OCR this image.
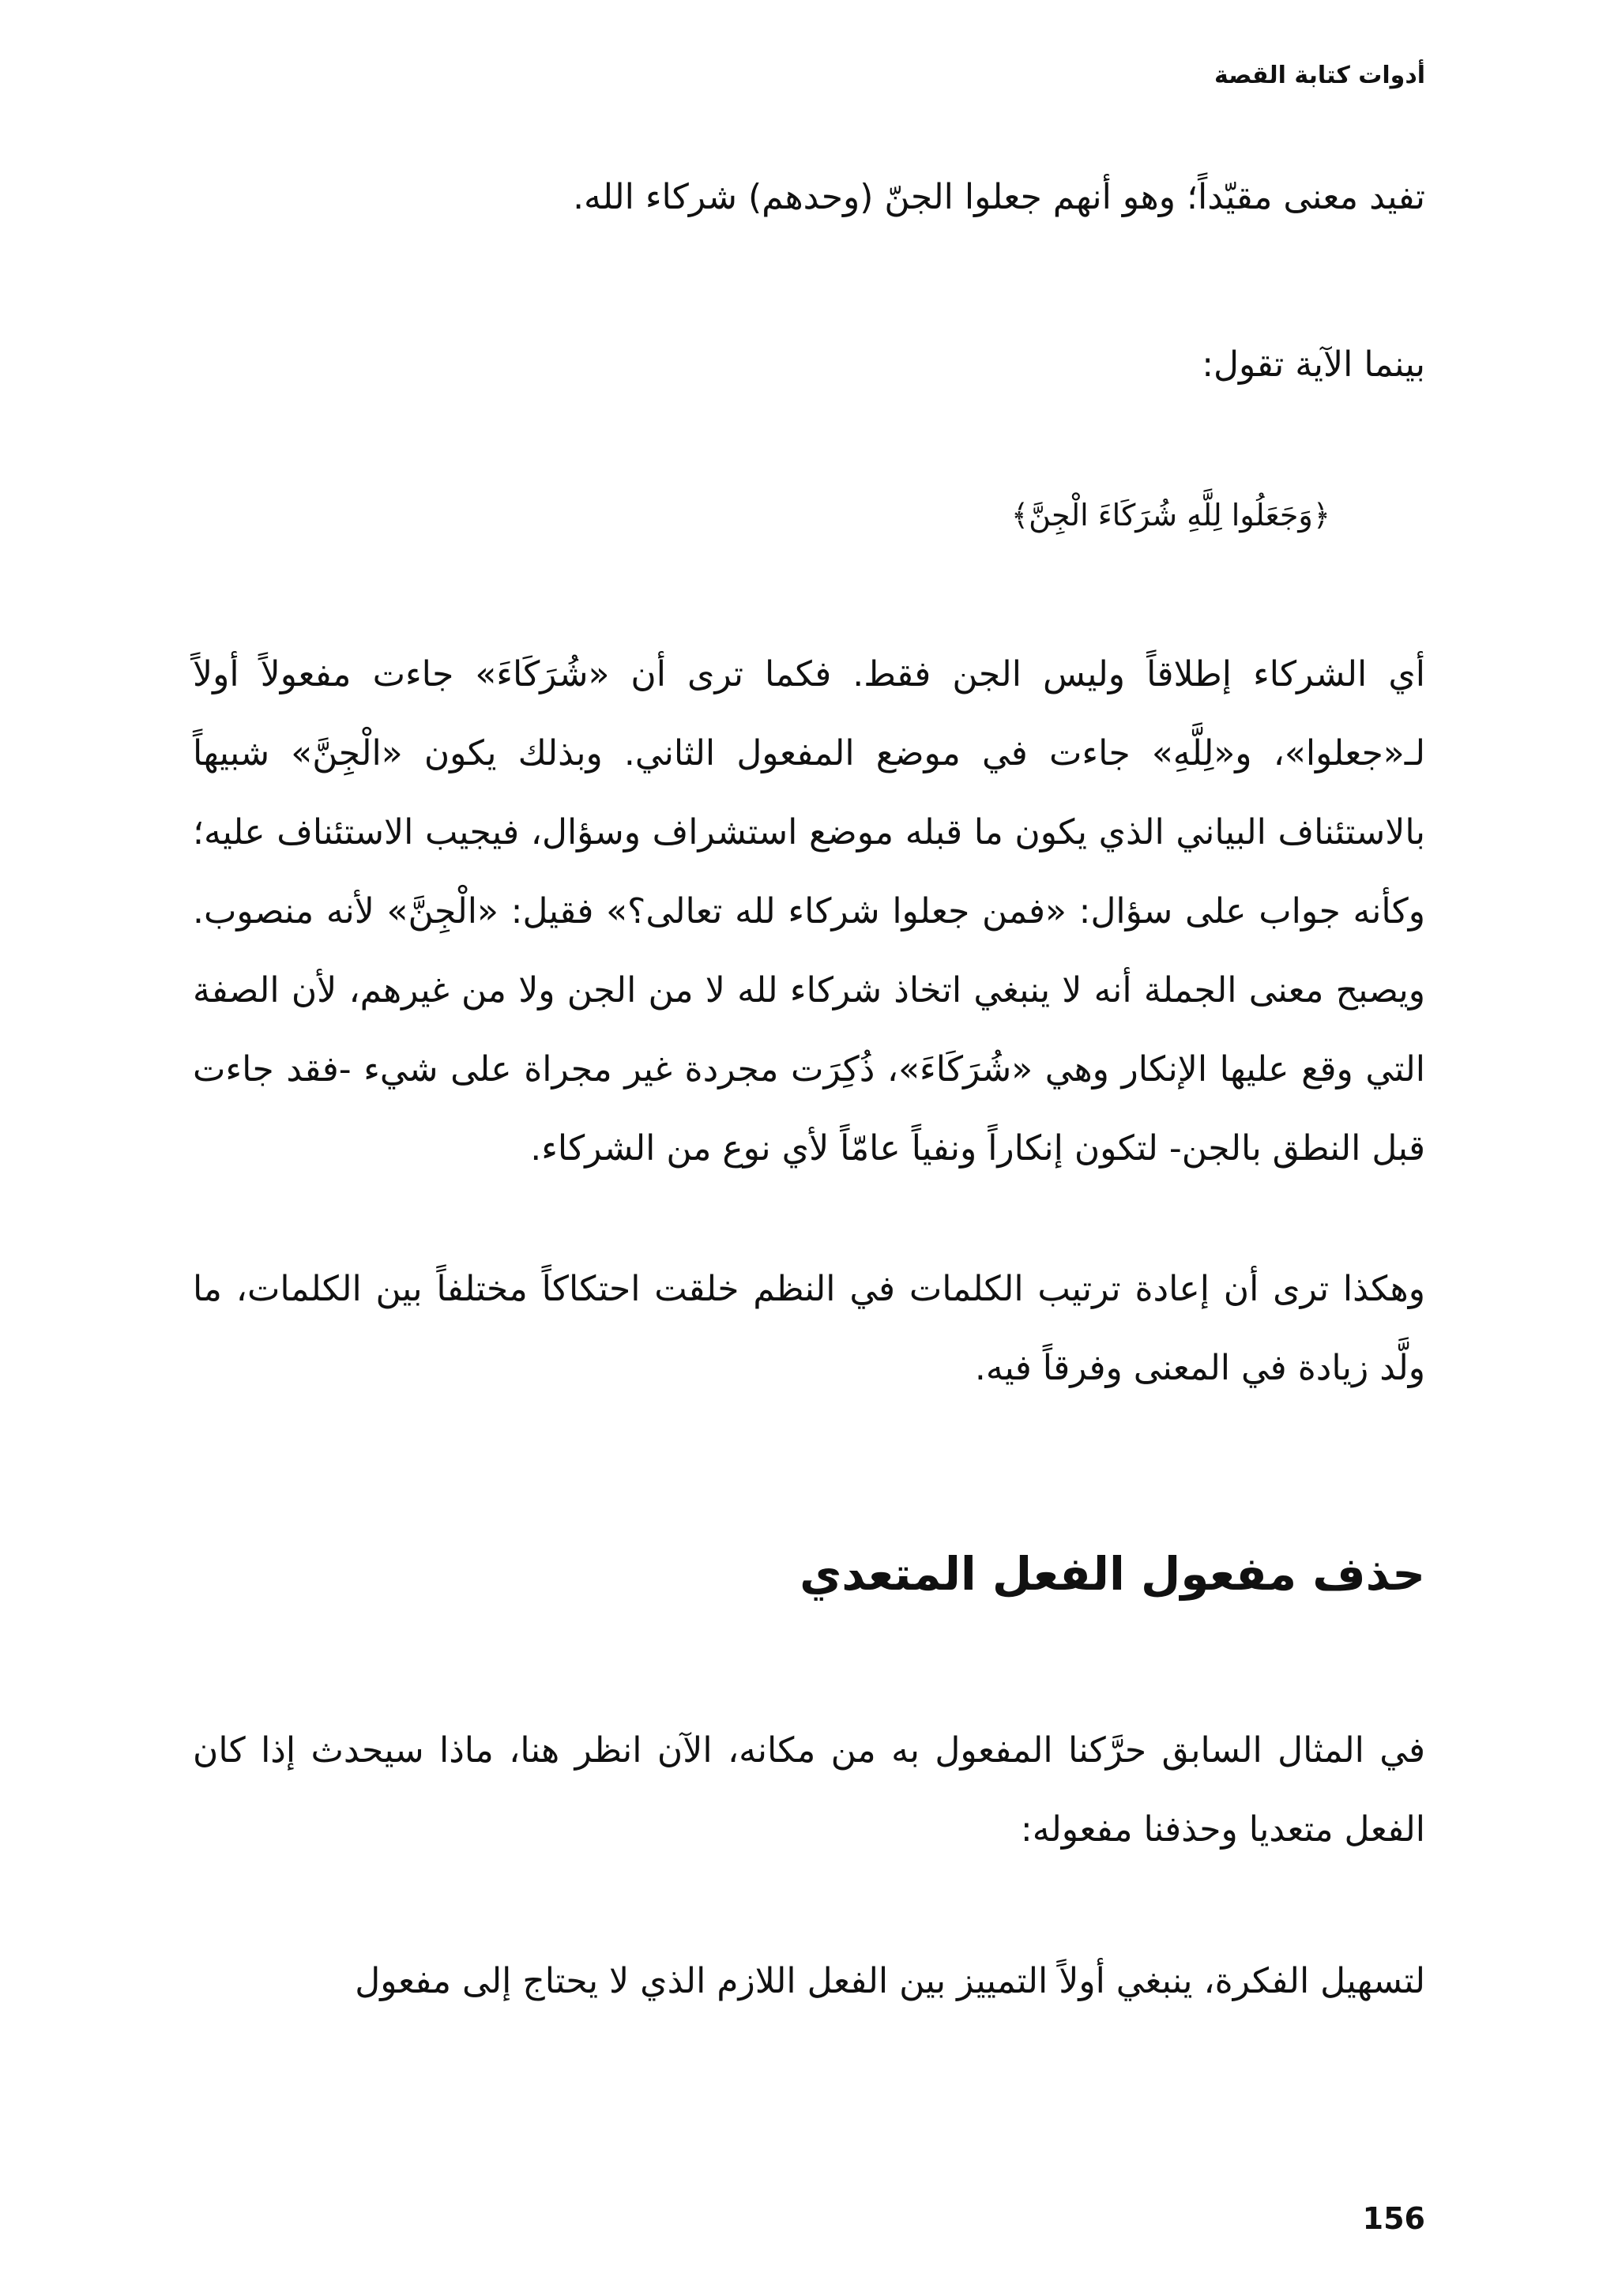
أدوات كتابة القصة

تفيد معنى مقيّداً؛ وهو أنهم جعلوا الجنّ (وحدهم) شركاء الله.

بينما الآية تقول:

﴿وَجَعَلُوا لِلَّهِ شُرَكَاءَ الْجِنَّ﴾

أي الشركاء إطلاقاً وليس الجن فقط. فكما ترى أن «شُرَكَاءَ» جاءت مفعولاً أولاً لـ«جعلوا»، و«لِلَّهِ» جاءت في موضع المفعول الثاني. وبذلك يكون «الْجِنَّ» شبيهاً بالاستئناف البياني الذي يكون ما قبله موضع استشراف وسؤال، فيجيب الاستئناف عليه؛ وكأنه جواب على سؤال: «فمن جعلوا شركاء لله تعالى؟» فقيل: «الْجِنَّ» لأنه منصوب. ويصبح معنى الجملة أنه لا ينبغي اتخاذ شركاء لله لا من الجن ولا من غيرهم، لأن الصفة التي وقع عليها الإنكار وهي «شُرَكَاءَ»، ذُكِرَت مجردة غير مجراة على شيء -فقد جاءت قبل النطق بالجن- لتكون إنكاراً ونفياً عامّاً لأي نوع من الشركاء.

وهكذا ترى أن إعادة ترتيب الكلمات في النظم خلقت احتكاكاً مختلفاً بين الكلمات، ما ولَّد زيادة في المعنى وفرقاً فيه.

حذف مفعول الفعل المتعدي

في المثال السابق حرَّكنا المفعول به من مكانه، الآن انظر هنا، ماذا سيحدث إذا كان الفعل متعديا وحذفنا مفعوله:

لتسهيل الفكرة، ينبغي أولاً التمييز بين الفعل اللازم الذي لا يحتاج إلى مفعول

156
